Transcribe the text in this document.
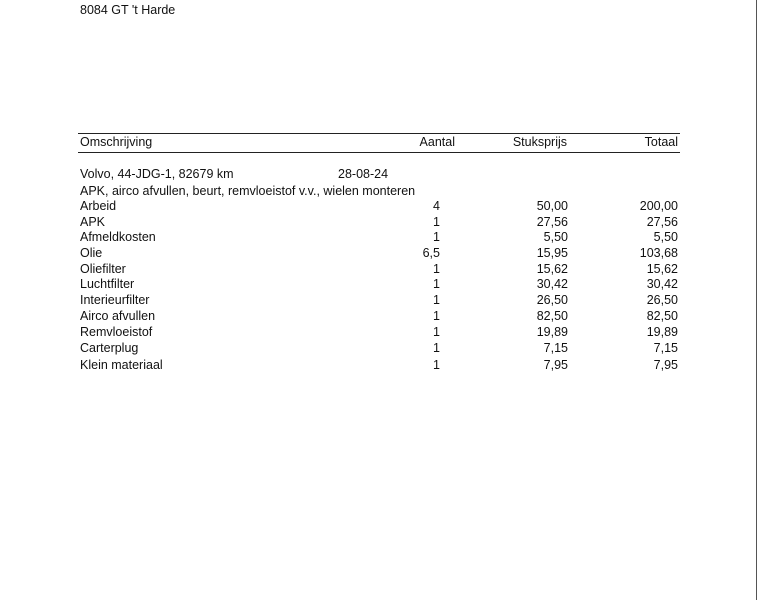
8084 GT 't Harde
Omschrijving	Aantal	Stuksprijs	Totaal
Volvo, 44-JDG-1, 82679 km	28-08-24
APK, airco afvullen, beurt, remvloeistof v.v., wielen monteren
Arbeid	4	50,00	200,00
APK	1	27,56	27,56
Afmeldkosten	1	5,50	5,50
Olie	6,5	15,95	103,68
Oliefilter	1	15,62	15,62
Luchtfilter	1	30,42	30,42
Interieurfilter	1	26,50	26,50
Airco afvullen	1	82,50	82,50
Remvloeistof	1	19,89	19,89
Carterplug	1	7,15	7,15
Klein materiaal	1	7,95	7,95
